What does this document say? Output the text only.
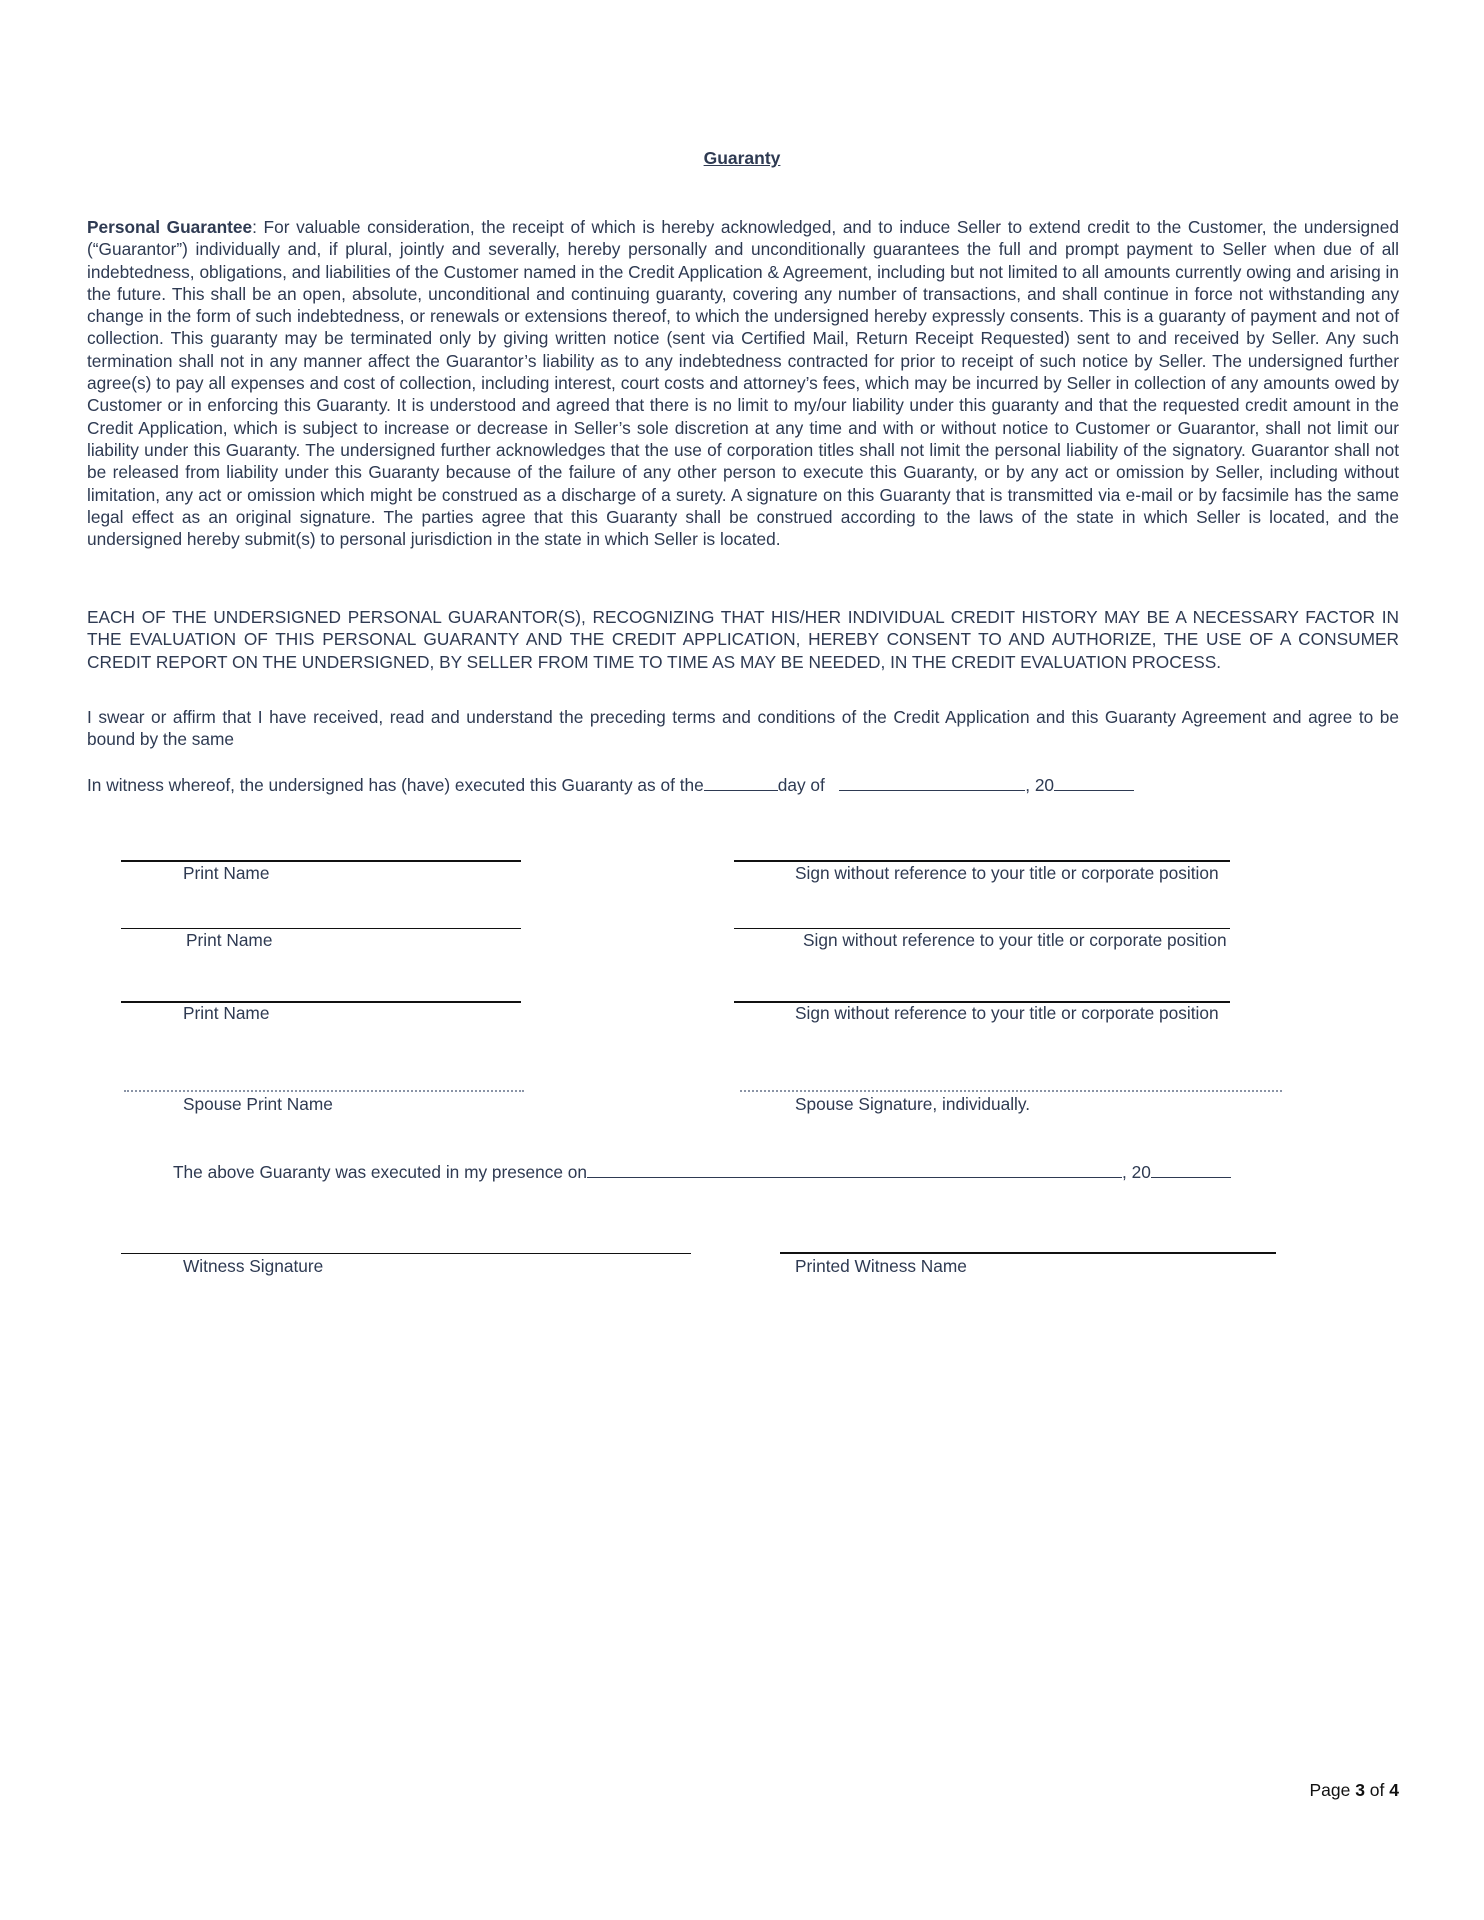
Guaranty

Personal Guarantee: For valuable consideration, the receipt of which is hereby acknowledged, and to induce Seller to extend credit to the Customer, the undersigned (“Guarantor”) individually and, if plural, jointly and severally, hereby personally and unconditionally guarantees the full and prompt payment to Seller when due of all indebtedness, obligations, and liabilities of the Customer named in the Credit Application & Agreement, including but not limited to all amounts currently owing and arising in the future. This shall be an open, absolute, unconditional and continuing guaranty, covering any number of transactions, and shall continue in force not withstanding any change in the form of such indebtedness, or renewals or extensions thereof, to which the undersigned hereby expressly consents. This is a guaranty of payment and not of collection. This guaranty may be terminated only by giving written notice (sent via Certified Mail, Return Receipt Requested) sent to and received by Seller. Any such termination shall not in any manner affect the Guarantor’s liability as to any indebtedness contracted for prior to receipt of such notice by Seller. The undersigned further agree(s) to pay all expenses and cost of collection, including interest, court costs and attorney’s fees, which may be incurred by Seller in collection of any amounts owed by Customer or in enforcing this Guaranty. It is understood and agreed that there is no limit to my/our liability under this guaranty and that the requested credit amount in the Credit Application, which is subject to increase or decrease in Seller’s sole discretion at any time and with or without notice to Customer or Guarantor, shall not limit our liability under this Guaranty. The undersigned further acknowledges that the use of corporation titles shall not limit the personal liability of the signatory. Guarantor shall not be released from liability under this Guaranty because of the failure of any other person to execute this Guaranty, or by any act or omission by Seller, including without limitation, any act or omission which might be construed as a discharge of a surety. A signature on this Guaranty that is transmitted via e-mail or by facsimile has the same legal effect as an original signature. The parties agree that this Guaranty shall be construed according to the laws of the state in which Seller is located, and the undersigned hereby submit(s) to personal jurisdiction in the state in which Seller is located.

EACH OF THE UNDERSIGNED PERSONAL GUARANTOR(S), RECOGNIZING THAT HIS/HER INDIVIDUAL CREDIT HISTORY MAY BE A NECESSARY FACTOR IN THE EVALUATION OF THIS PERSONAL GUARANTY AND THE CREDIT APPLICATION, HEREBY CONSENT TO AND AUTHORIZE, THE USE OF A CONSUMER CREDIT REPORT ON THE UNDERSIGNED, BY SELLER FROM TIME TO TIME AS MAY BE NEEDED, IN THE CREDIT EVALUATION PROCESS.

I swear or affirm that I have received, read and understand the preceding terms and conditions of the Credit Application and this Guaranty Agreement and agree to be bound by the same

In witness whereof, the undersigned has (have) executed this Guaranty as of the	day of	, 20
Print Name	Sign without reference to your title or corporate position
Print Name	Sign without reference to your title or corporate position
Print Name	Sign without reference to your title or corporate position
Spouse Print Name	Spouse Signature, individually.
The above Guaranty was executed in my presence on	, 20
Witness Signature	Printed Witness Name
Page 3 of 4
